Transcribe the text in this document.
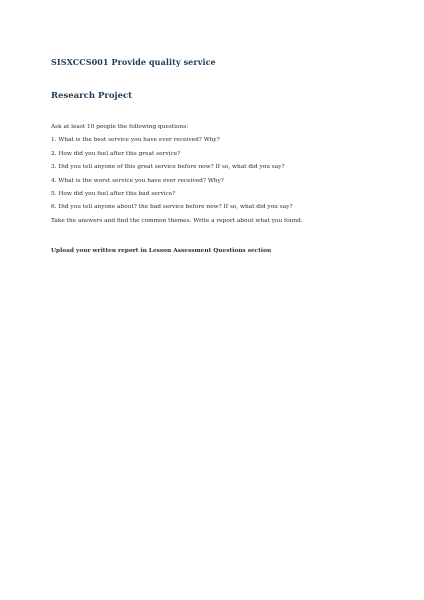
SISXCCS001 Provide quality service
Research Project
Ask at least 10 people the following questions:
1. What is the best service you have ever received? Why?
2. How did you feel after this great service?
3. Did you tell anyone of this great service before now? If so, what did you say?
4. What is the worst service you have ever received? Why?
5. How did you feel after this bad service?
6. Did you tell anyone about? the bad service before now? If so, what did you say?
Take the answers and find the common themes. Write a report about what you found.
Upload your written report in Lesson Assessment Questions section
